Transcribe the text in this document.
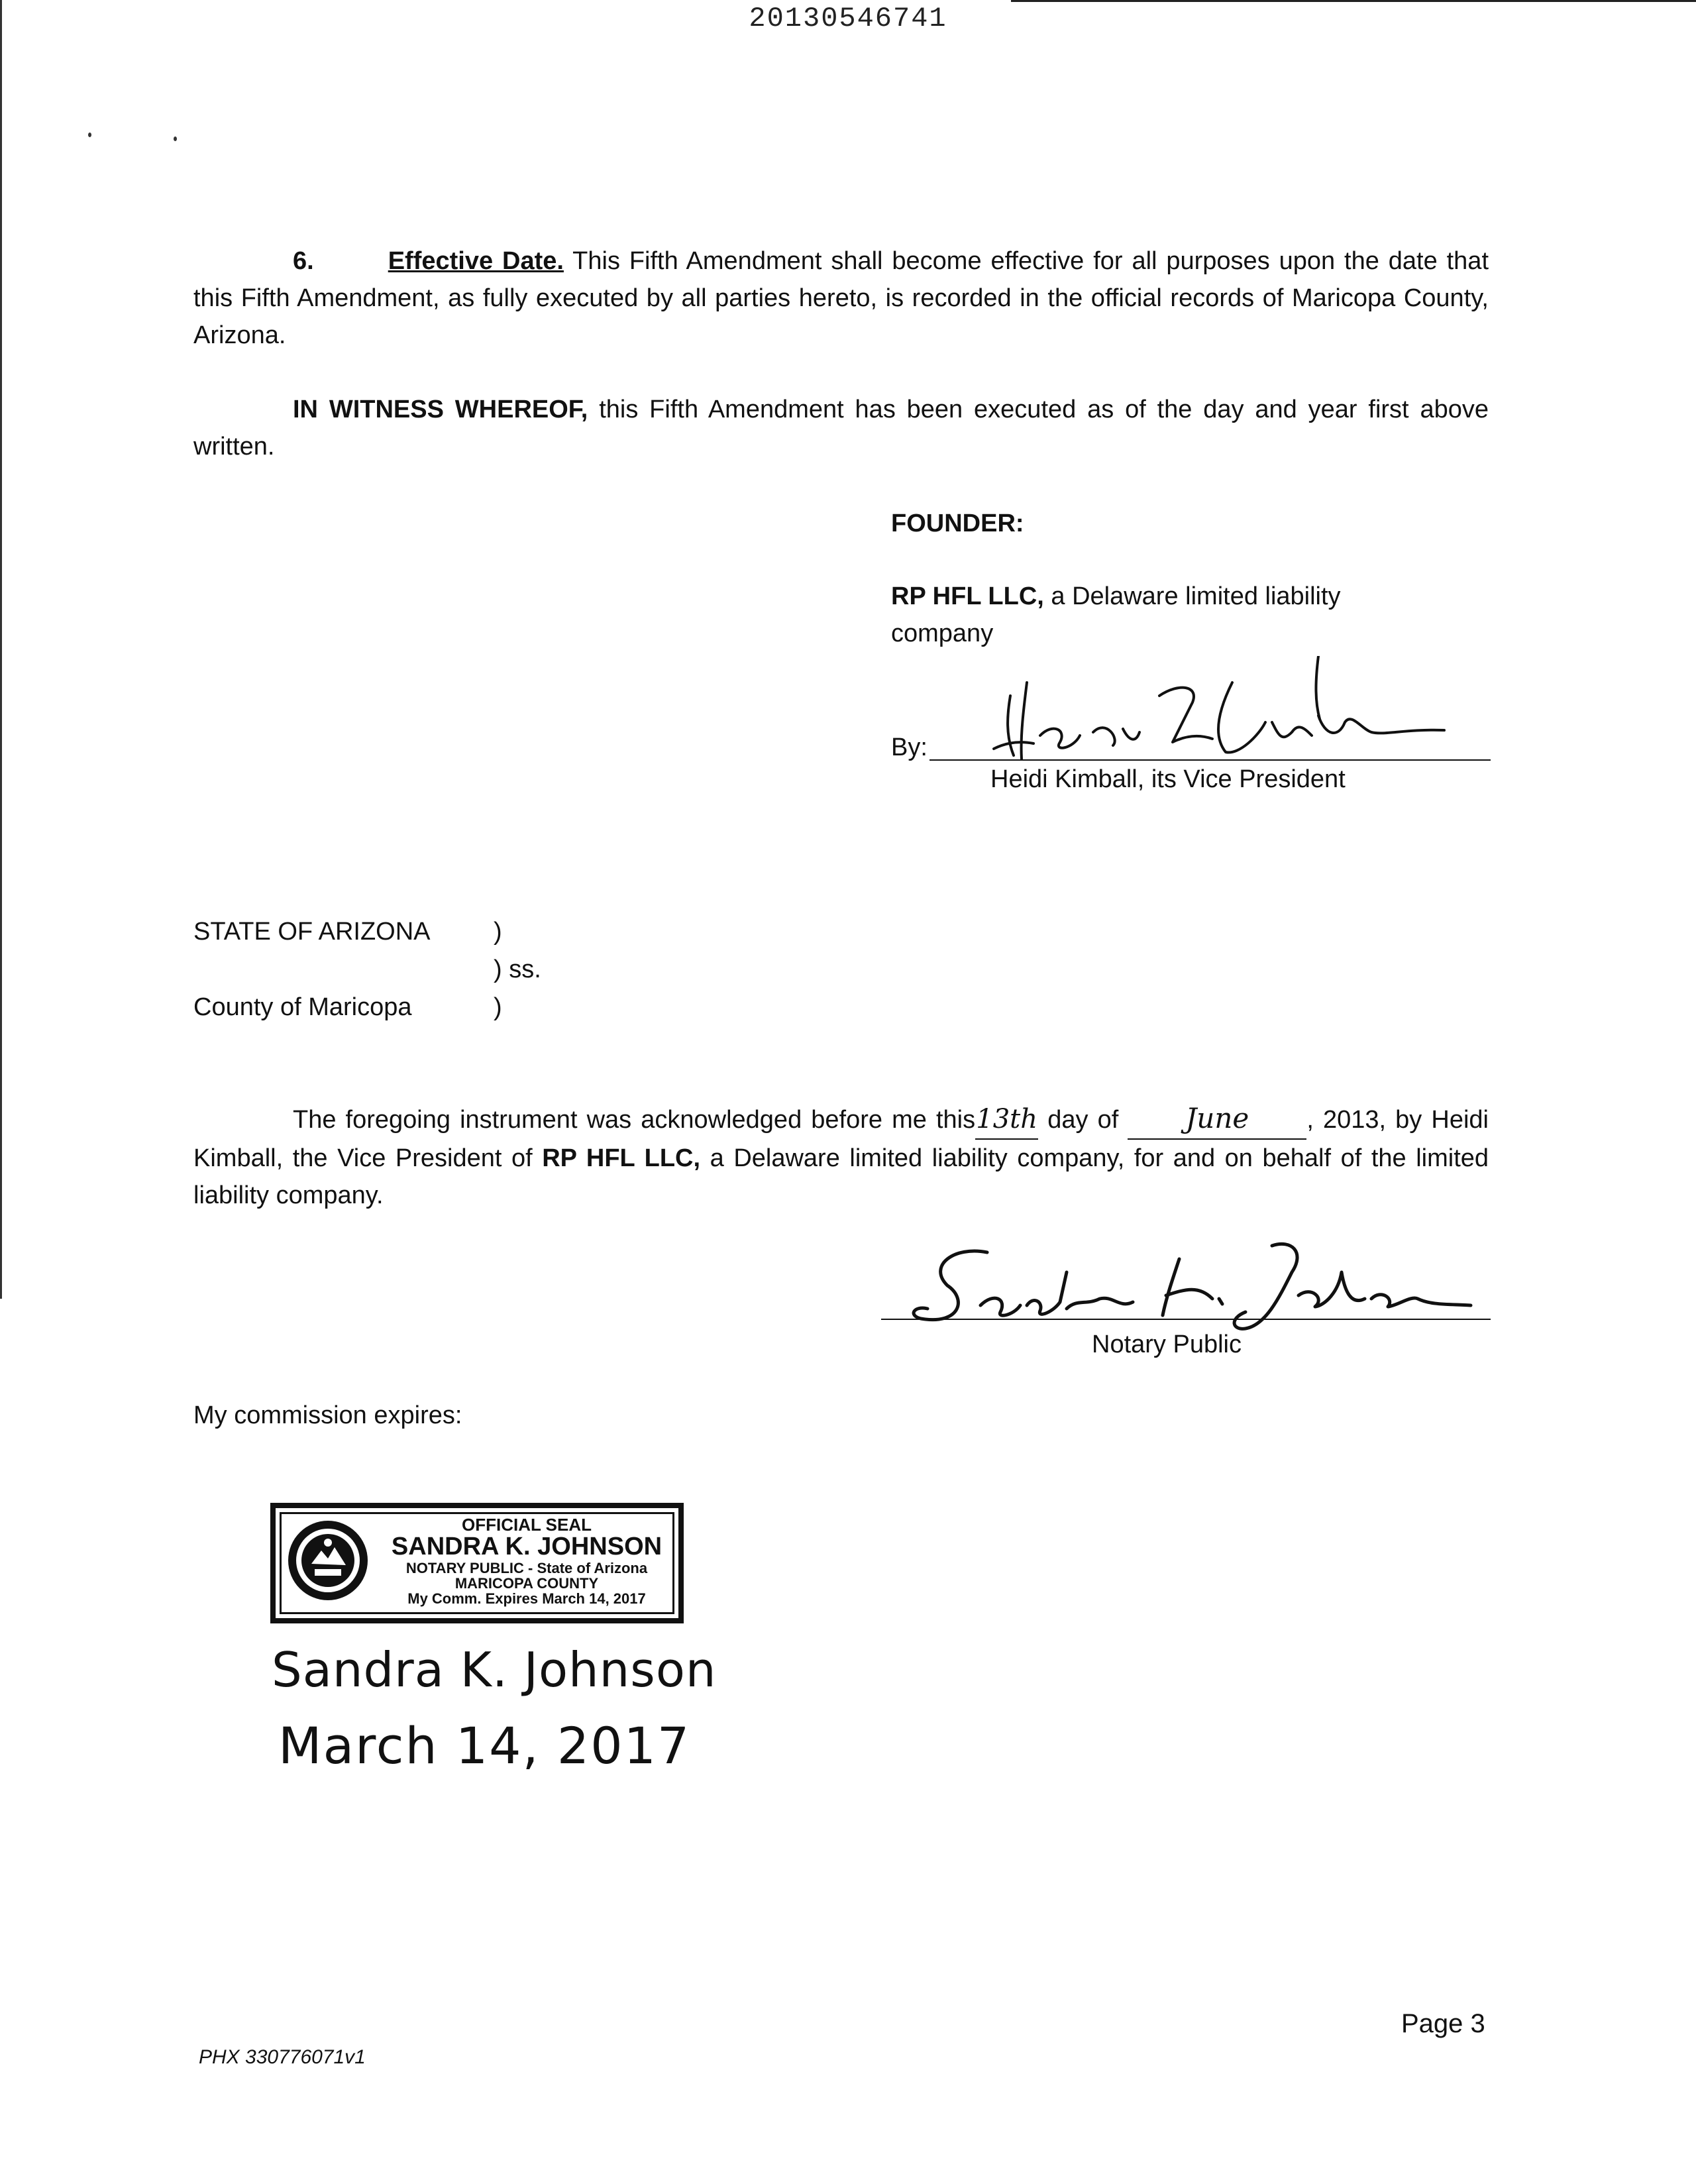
20130546741
6.	Effective Date. This Fifth Amendment shall become effective for all purposes upon the date that this Fifth Amendment, as fully executed by all parties hereto, is recorded in the official records of Maricopa County, Arizona.
IN WITNESS WHEREOF, this Fifth Amendment has been executed as of the day and year first above written.
FOUNDER:
RP HFL LLC, a Delaware limited liability company
By:
Heidi Kimball, its Vice President
STATE OF ARIZONA	)
) ss.
County of Maricopa	)
The foregoing instrument was acknowledged before me this13th day of June , 2013, by Heidi Kimball, the Vice President of RP HFL LLC, a Delaware limited liability company, for and on behalf of the limited liability company.
Notary Public
My commission expires:
OFFICIAL SEAL
SANDRA K. JOHNSON
NOTARY PUBLIC - State of Arizona
MARICOPA COUNTY
My Comm. Expires March 14, 2017
Sandra K. Johnson
March 14, 2017
Page 3
PHX 330776071v1
